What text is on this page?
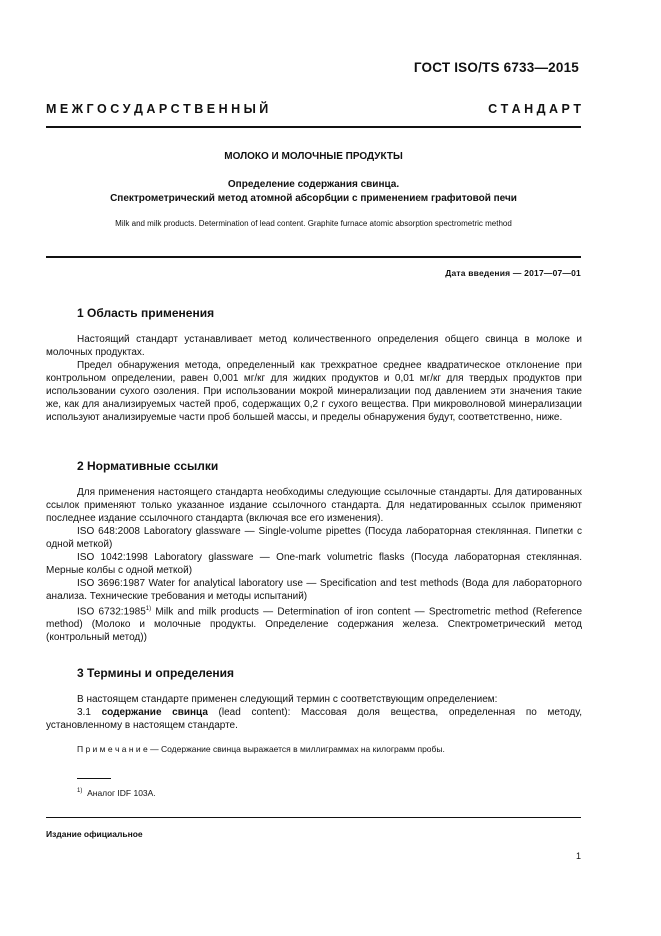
ГОСТ ISO/TS 6733—2015
М Е Ж Г О С У Д А Р С Т В Е Н Н Ы Й	С Т А Н Д А Р Т
МОЛОКО И МОЛОЧНЫЕ ПРОДУКТЫ
Определение содержания свинца.
Спектрометрический метод атомной абсорбции с применением графитовой печи
Milk and milk products. Determination of lead content. Graphite furnace atomic absorption spectrometric method
Дата введения — 2017—07—01
1 Область применения

Настоящий стандарт устанавливает метод количественного определения общего свинца в молоке и молочных продуктах.

Предел обнаружения метода, определенный как трехкратное среднее квадратическое отклонение при контрольном определении, равен 0,001 мг/кг для жидких продуктов и 0,01 мг/кг для твердых продуктов при использовании сухого озоления. При использовании мокрой минерализации под давлением эти значения такие же, как для анализируемых частей проб, содержащих 0,2 г сухого вещества. При микроволновой минерализации используют анализируемые части проб большей массы, и пределы обнаружения будут, соответственно, ниже.

2 Нормативные ссылки

Для применения настоящего стандарта необходимы следующие ссылочные стандарты. Для датированных ссылок применяют только указанное издание ссылочного стандарта. Для недатированных ссылок применяют последнее издание ссылочного стандарта (включая все его изменения).

ISO 648:2008 Laboratory glassware — Single-volume pipettes (Посуда лабораторная стеклянная. Пипетки с одной меткой)

ISO 1042:1998 Laboratory glassware — One-mark volumetric flasks (Посуда лабораторная стеклянная. Мерные колбы с одной меткой)

ISO 3696:1987 Water for analytical laboratory use — Specification and test methods (Вода для лабораторного анализа. Технические требования и методы испытаний)

ISO 6732:1985$^{1)}$ Milk and milk products — Determination of iron content — Spectrometric method (Reference method) (Молоко и молочные продукты. Определение содержания железа. Спектрометрический метод (контрольный метод))

3 Термины и определения

В настоящем стандарте применен следующий термин с соответствующим определением:

3.1 содержание свинца (lead content): Массовая доля вещества, определенная по методу, установленному в настоящем стандарте.

П р и м е ч а н и е — Содержание свинца выражается в миллиграммах на килограмм пробы.

$^{1)}$ Аналог IDF 103A.
Издание официальное
1
